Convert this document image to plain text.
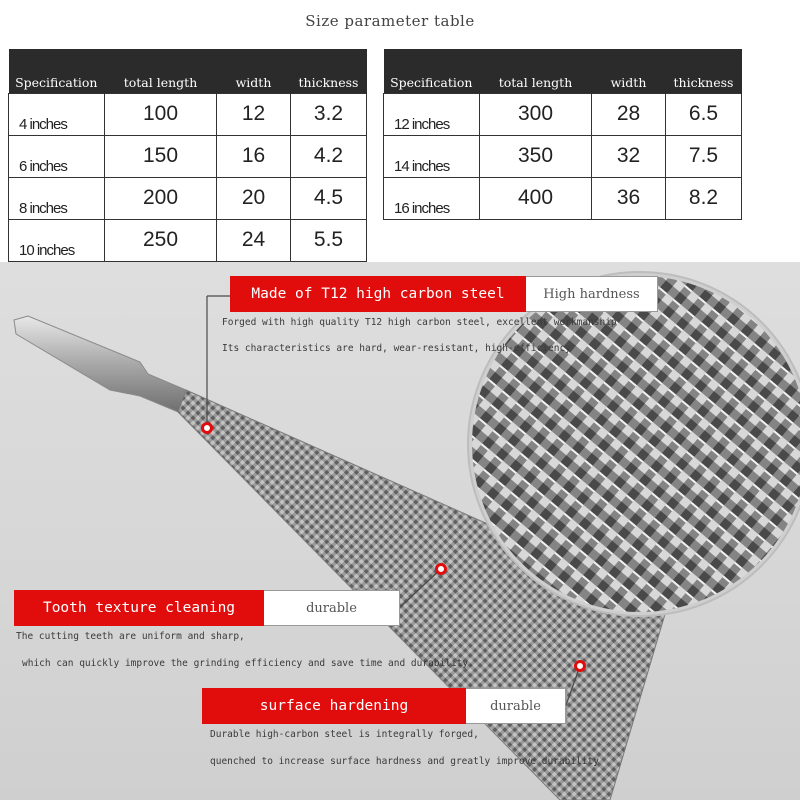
Size parameter table
Specification	total length	width	thickness
4 inches	100	12	3.2
6 inches	150	16	4.2
8 inches	200	20	4.5
10 inches	250	24	5.5
Specification	total length	width	thickness
12 inches	300	28	6.5
14 inches	350	32	7.5
16 inches	400	36	8.2
Made of T12 high carbon steel	High hardness
Forged with high quality T12 high carbon steel, excellent workmanship
Its characteristics are hard, wear-resistant, high-efficiency
Tooth texture cleaning	durable
The cutting teeth are uniform and sharp,
which can quickly improve the grinding efficiency and save time and durability.
surface hardening	durable
Durable high-carbon steel is integrally forged,
quenched to increase surface hardness and greatly improve durability
